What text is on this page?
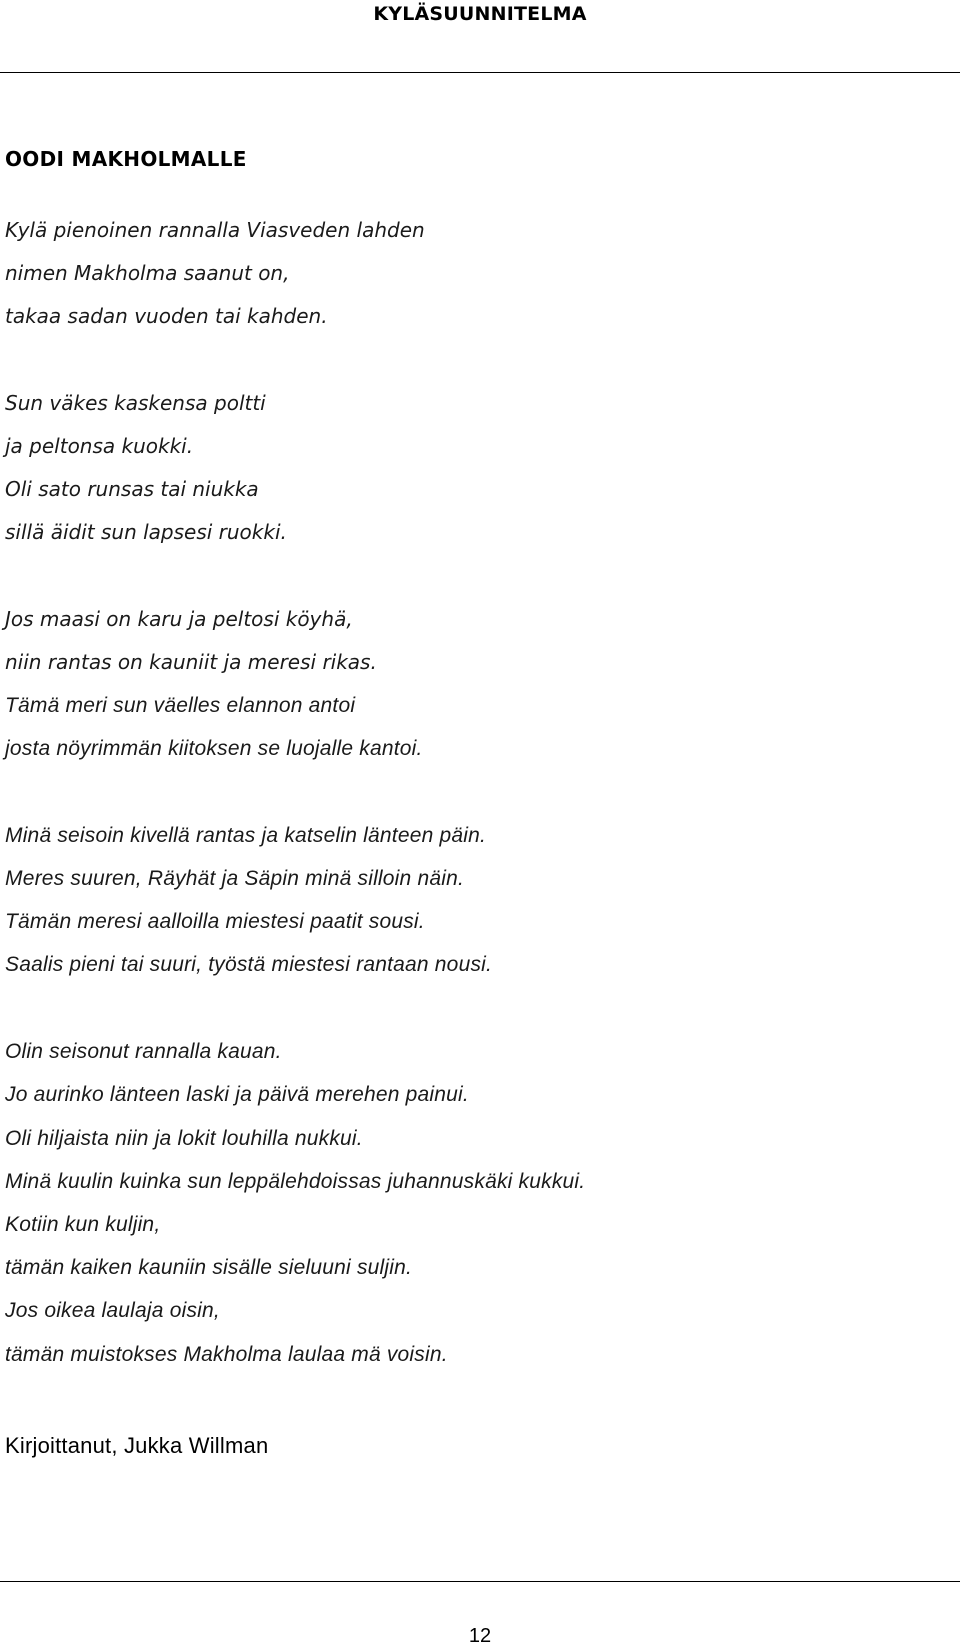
KYLÄSUUNNITELMA
OODI MAKHOLMALLE
Kylä pienoinen rannalla Viasveden lahden
nimen Makholma saanut on,
takaa sadan vuoden tai kahden.
Sun väkes kaskensa poltti
ja peltonsa kuokki.
Oli sato runsas tai niukka
sillä äidit sun lapsesi ruokki.
Jos maasi on karu ja peltosi köyhä,
niin rantas on kauniit ja meresi rikas.
Tämä meri sun väelles elannon antoi
josta nöyrimmän kiitoksen se luojalle kantoi.
Minä seisoin kivellä rantas ja katselin länteen päin.
Meres suuren, Räyhät ja Säpin minä silloin näin.
Tämän meresi aalloilla miestesi paatit sousi.
Saalis pieni tai suuri, työstä miestesi rantaan nousi.
Olin seisonut rannalla kauan.
Jo aurinko länteen laski ja päivä merehen painui.
Oli hiljaista niin ja lokit louhilla nukkui.
Minä kuulin kuinka sun leppälehdoissas juhannuskäki kukkui.
Kotiin kun kuljin,
tämän kaiken kauniin sisälle sieluuni suljin.
Jos oikea laulaja oisin,
tämän muistokses Makholma laulaa mä voisin.
Kirjoittanut, Jukka Willman
12
